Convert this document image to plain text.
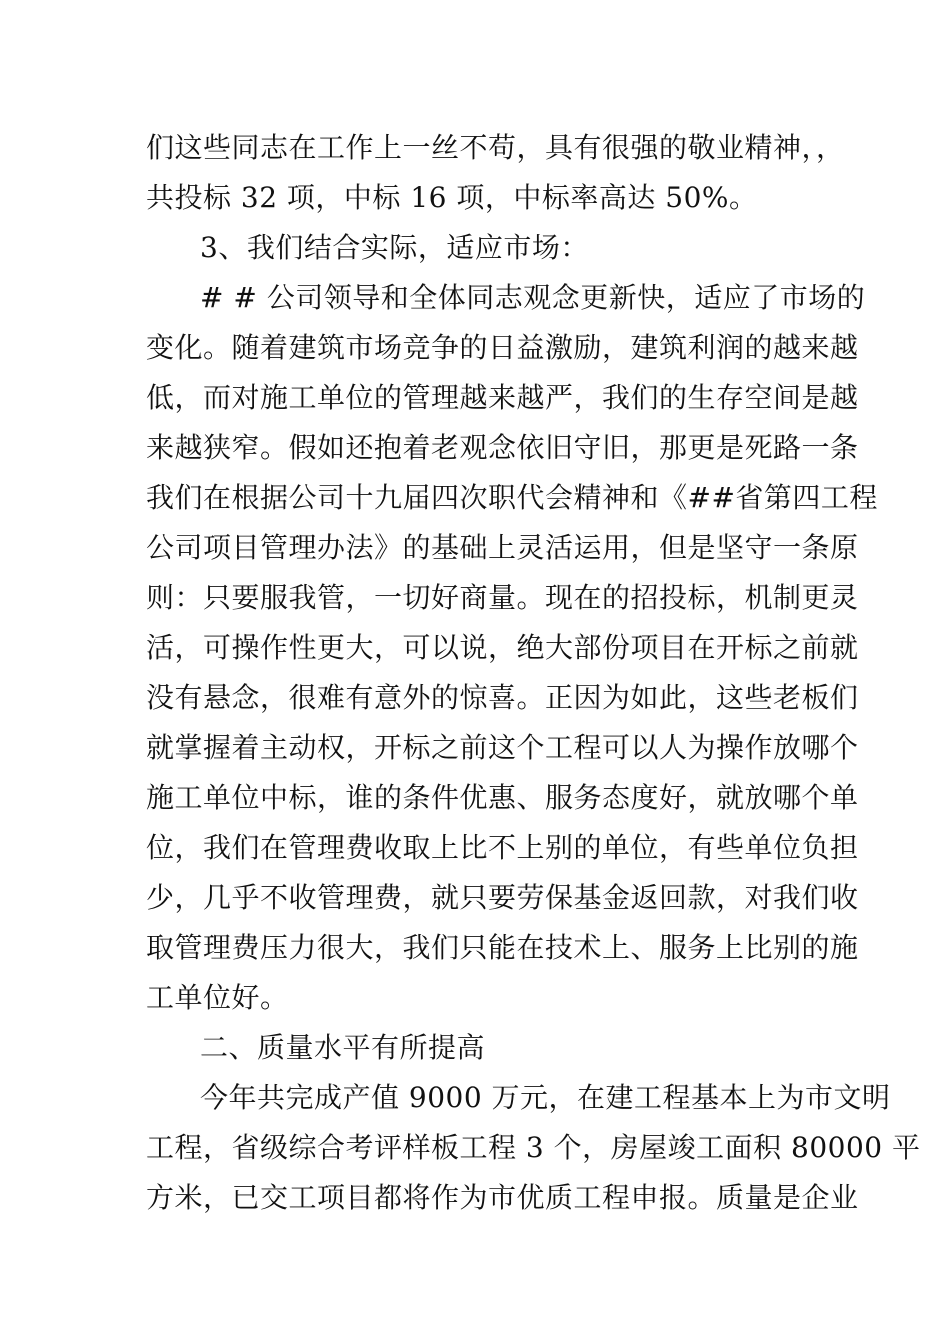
们这些同志在工作上一丝不苟，具有很强的敬业精神，，
共投标 32 项，中标 16 项，中标率高达 50%。
3、我们结合实际，适应市场：
# # 公司领导和全体同志观念更新快，适应了市场的
变化。随着建筑市场竞争的日益激励，建筑利润的越来越
低，而对施工单位的管理越来越严，我们的生存空间是越
来越狭窄。假如还抱着老观念依旧守旧，那更是死路一条
我们在根据公司十九届四次职代会精神和《##省第四工程
公司项目管理办法》的基础上灵活运用，但是坚守一条原
则：只要服我管，一切好商量。现在的招投标，机制更灵
活，可操作性更大，可以说，绝大部份项目在开标之前就
没有悬念，很难有意外的惊喜。正因为如此，这些老板们
就掌握着主动权，开标之前这个工程可以人为操作放哪个
施工单位中标，谁的条件优惠、服务态度好，就放哪个单
位，我们在管理费收取上比不上别的单位，有些单位负担
少，几乎不收管理费，就只要劳保基金返回款，对我们收
取管理费压力很大，我们只能在技术上、服务上比别的施
工单位好。
二、质量水平有所提高
今年共完成产值 9000 万元，在建工程基本上为市文明
工程，省级综合考评样板工程 3 个，房屋竣工面积 80000 平
方米，已交工项目都将作为市优质工程申报。质量是企业
